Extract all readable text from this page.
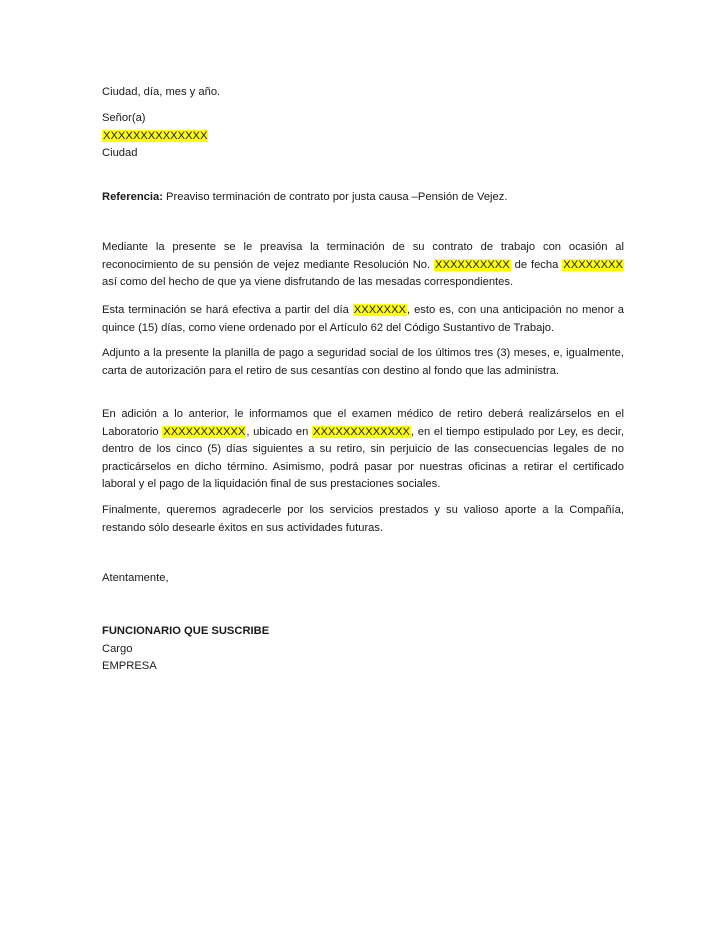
Ciudad, día, mes y año.

Señor(a)

XXXXXXXXXXXXXX

Ciudad

Referencia: Preaviso terminación de contrato por justa causa –Pensión de Vejez.
Mediante la presente se le preavisa la terminación de su contrato de trabajo con ocasión al reconocimiento de su pensión de vejez mediante Resolución No. XXXXXXXXXX de fecha XXXXXXXX así como del hecho de que ya viene disfrutando de las mesadas correspondientes.
Esta terminación se hará efectiva a partir del día XXXXXXX, esto es, con una anticipación no menor a quince (15) días, como viene ordenado por el Artículo 62 del Código Sustantivo de Trabajo.
Adjunto a la presente la planilla de pago a seguridad social de los últimos tres (3) meses, e, igualmente, carta de autorización para el retiro de sus cesantías con destino al fondo que las administra.
En adición a lo anterior, le informamos que el examen médico de retiro deberá realizárselos en el Laboratorio XXXXXXXXXXX, ubicado en XXXXXXXXXXXXX, en el tiempo estipulado por Ley, es decir, dentro de los cinco (5) días siguientes a su retiro, sin perjuicio de las consecuencias legales de no practicárselos en dicho término. Asimismo, podrá pasar por nuestras oficinas a retirar el certificado laboral y el pago de la liquidación final de sus prestaciones sociales.
Finalmente, queremos agradecerle por los servicios prestados y su valioso aporte a la Compañía, restando sólo desearle éxitos en sus actividades futuras.
Atentamente,

FUNCIONARIO QUE SUSCRIBE

Cargo

EMPRESA
